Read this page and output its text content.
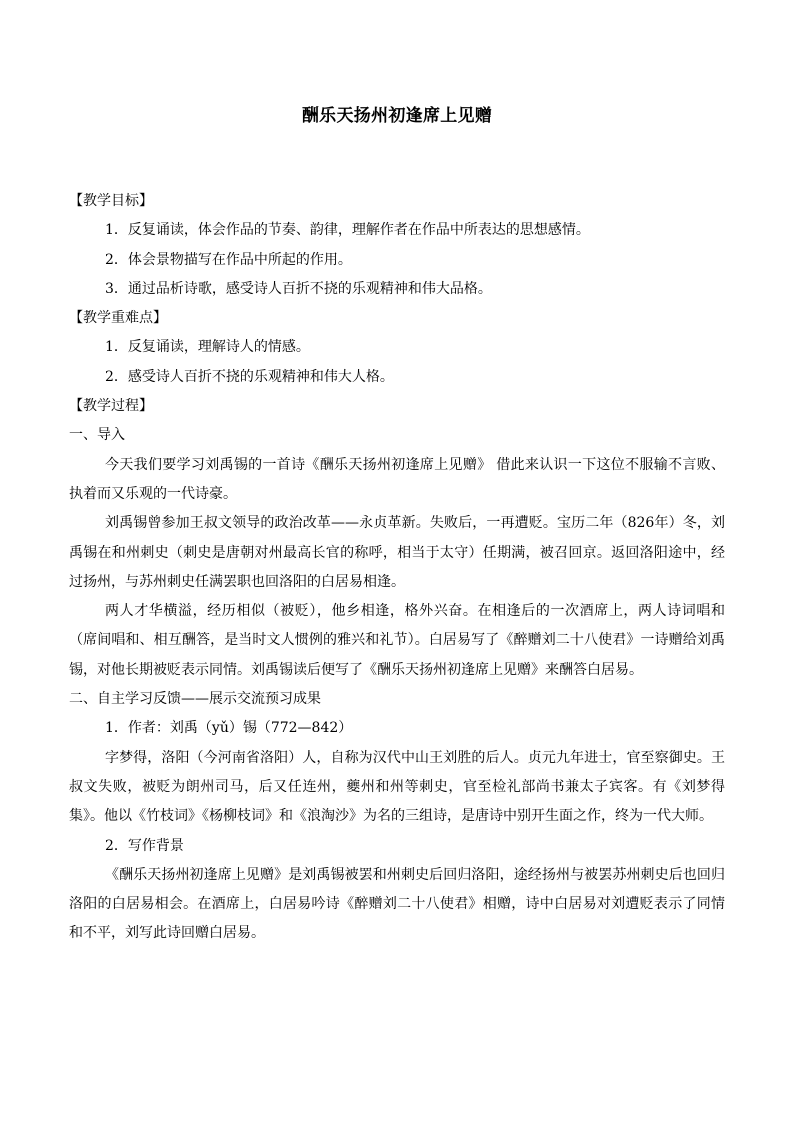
酬乐天扬州初逢席上见赠
【教学目标】
1．反复诵读，体会作品的节奏、韵律，理解作者在作品中所表达的思想感情。
2．体会景物描写在作品中所起的作用。
3．通过品析诗歌，感受诗人百折不挠的乐观精神和伟大品格。
【教学重难点】
1．反复诵读，理解诗人的情感。
2．感受诗人百折不挠的乐观精神和伟大人格。
【教学过程】
一、导入

今天我们要学习刘禹锡的一首诗《酬乐天扬州初逢席上见赠》 借此来认识一下这位不服输不言败、执着而又乐观的一代诗豪。

刘禹锡曾参加王叔文领导的政治改革——永贞革新。失败后，一再遭贬。宝历二年（826年）冬，刘禹锡在和州刺史（刺史是唐朝对州最高长官的称呼，相当于太守）任期满，被召回京。返回洛阳途中，经过扬州，与苏州刺史任满罢职也回洛阳的白居易相逢。

两人才华横溢，经历相似（被贬），他乡相逢，格外兴奋。在相逢后的一次酒席上，两人诗词唱和（席间唱和、相互酬答，是当时文人惯例的雅兴和礼节）。白居易写了《醉赠刘二十八使君》一诗赠给刘禹锡，对他长期被贬表示同情。刘禹锡读后便写了《酬乐天扬州初逢席上见赠》来酬答白居易。

二、自主学习反馈——展示交流预习成果
1．作者：刘禹（yǔ）锡（772—842）

字梦得，洛阳（今河南省洛阳）人，自称为汉代中山王刘胜的后人。贞元九年进士，官至察御史。王叔文失败，被贬为朗州司马，后又任连州，夔州和州等刺史，官至检礼部尚书兼太子宾客。有《刘梦得集》。他以《竹枝词》《杨柳枝词》和《浪淘沙》为名的三组诗，是唐诗中别开生面之作，终为一代大师。

2．写作背景

《酬乐天扬州初逢席上见赠》是刘禹锡被罢和州刺史后回归洛阳，途经扬州与被罢苏州刺史后也回归洛阳的白居易相会。在酒席上，白居易吟诗《醉赠刘二十八使君》相赠，诗中白居易对刘遭贬表示了同情和不平，刘写此诗回赠白居易。
